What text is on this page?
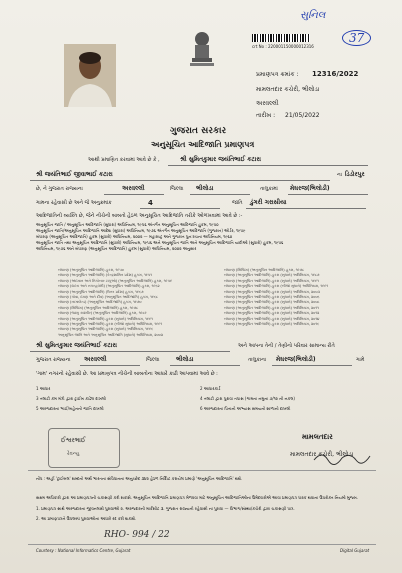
સુનિલ
37
crt No : 220001150000012316
પ્રમાણપત્ર ક્રમાંક : 12316/2022
મામલતદાર કચેરી, ભીલોડા
અરવલ્લી
તારીખ : 21/05/2022
ગુજરાત સરકાર
અનુસૂચિત આદિજાતિ પ્રમાણપત્ર
આથી પ્રમાણિત કરવામાં આવે છે કે ,	શ્રી સુમિતકુમાર જયંતિભાઈ કટારા
શ્રી જયંતિભાઈ જીવાભાઈ કટારા	ના ડિડોરપુર
છે, ને ગુજરાત રાજ્યના	અરવલ્લી	જિલ્લા ભીલોડા	તાલુકામાં મેઘરજ(ભિલોડી)
ગામના રહેવાસી છે અને જે અનુક્રમાંક	4	જાતિ ડુંગરી ગરાસીયા
આદિજાતિની વ્યક્તિ છે, જેને નીચેની બાબતો હેઠળ અનુસૂચિત આદિજાતિ તરીકે ઓળખવામાં આવે છે :-
અનુસૂચિત જાતિ / અનુસૂચિત આદિજાતિ (સુધારા) અધિનિયમ, ૧૯૫૬ અંતર્ગત અનુસૂચિત આદિજાતિ હુકમ, ૧૯૫૦
અનુસૂચિત જાતિ/અનુસૂચિત આદિજાતિ આદેશ (સુધારા) અધિનિયમ, ૧૯૭૬ અંતર્ગત અનુસૂચિત આદિજાતિ (ગુજરાત) ઓર્ડર, ૧૯૫૯
બંધારણ (અનુસૂચિત આદિજાતિ) હુકમ (સુધારો) અધિનિયમ, ૨૦૦૨ — મહારાષ્ટ્ર અને ગુજરાત પુન:રચના અધિનિયમ, ૧૯૬૦
અનુસૂચિત જાતિ તથા અનુસૂચિત આદિજાતિ (સુધારો) અધિનિયમ, ૧૯૫૬ અને અનુસૂચિત જાતિ અને અનુસૂચિત આદિજાતિ યાદીઓ (સુધારો) હુકમ, ૧૯૫૬
અધિનિયમ, ૧૯૭૬ અને બંધારણ (અનુસૂચિત આદિજાતિ) હુકમ (સુધારો) અધિનિયમ, ૨૦૦૨ અનુસાર
બંધારણ (અનુસૂચિત આદિજાતિ) હુકમ, ૧૯૫૦
બંધારણ (અનુસૂચિત આદિજાતિ) (કેન્દ્રશાસિત પ્રદેશ) હુકમ, ૧૯૫૧
બંધારણ (અંદમાન અને નિકોબાર ટાપુઓ) (અનુસૂચિત આદિજાતિ) હુકમ, ૧૯૫૯
બંધારણ (દાદરા અને નગરહવેલી) (અનુસૂચિત આદિજાતિ) હુકમ, ૧૯૬૨
બંધારણ (અનુસૂચિત આદિજાતિ) (ઉત્તર પ્રદેશ) હુકમ, ૧૯૬૭
બંધારણ (ગોવા, દમણ અને દીવ) (અનુસૂચિત આદિજાતિ) હુકમ, ૧૯૬૮
બંધારણ (નાગાલેન્ડ) (અનુસૂચિત આદિજાતિ) હુકમ, ૧૯૭૦
બંધારણ (સિક્કિમ) (અનુસૂચિત આદિજાતિ) હુકમ, ૧૯૭૮
બંધારણ (જમ્મુ કાશ્મીર) (અનુસૂચિત આદિજાતિ) હુકમ, ૧૯૮૯
બંધારણ (અનુસૂચિત આદિજાતિ) હુકમ (સુધારો) અધિનિયમ, ૧૯૯૧
બંધારણ (અનુસૂચિત આદિજાતિ) હુકમ (બીજો સુધારો) અધિનિયમ, ૧૯૯૧
બંધારણ (અનુસૂચિત આદિજાતિ) હુકમ (સુધારો) અધિનિયમ, ૧૯૯૬
અનુસૂચિત જાતિ અને અનુસૂચિત આદિજાતિ (સુધારો) અધિનિયમ, ૨૦૦૨
બંધારણ (સિક્કિમ) (અનુસૂચિત આદિજાતિ) હુકમ, ૧૯૭૮
બંધારણ (અનુસૂચિત આદિજાતિ) હુકમ (સુધારો) અધિનિયમ, ૧૯૮૭
બંધારણ (અનુસૂચિત આદિજાતિ) હુકમ (સુધારો) અધિનિયમ, ૧૯૯૧
બંધારણ (અનુસૂચિત આદિજાતિ) હુકમ (બીજો સુધારો) અધિનિયમ, ૧૯૯૧
બંધારણ (અનુસૂચિત આદિજાતિ) હુકમ (સુધારો) અધિનિયમ, ૨૦૦૩
બંધારણ (અનુસૂચિત આદિજાતિ) હુકમ (સુધારો) અધિનિયમ, ૨૦૦૬
બંધારણ (અનુસૂચિત આદિજાતિ) હુકમ (સુધારો) અધિનિયમ, ૨૦૦૮
બંધારણ (અનુસૂચિત આદિજાતિ) હુકમ (સુધારો) અધિનિયમ, ૨૦૧૧
બંધારણ (અનુસૂચિત આદિજાતિ) હુકમ (સુધારો) અધિનિયમ, ૨૦૧૨
બંધારણ (અનુસૂચિત આદિજાતિ) હુકમ (સુધારો) અધિનિયમ, ૨૦૧૪
બંધારણ (અનુસૂચિત આદિજાતિ) હુકમ (સુધારો) અધિનિયમ, ૨૦૧૬
શ્રી સુમિતકુમાર જયંતિભાઈ કટારા	અને આપના તેની / તેણીનો પરિવાર સામાન્ય રીતે
ગુજરાત રાજ્યના અરવલ્લી	જિલ્લા	ભીલોડા	તાલુકાના મેઘરજ(ભિલોડી)	ગામે
'ગામ' નગરનો રહેવાસી છે. આ પ્રમાણપત્ર નીચેની બાબતોના આધારે કાઢી આપવામાં આવે છે :
1 આધાર	2 આધારકાર્ડ
3 તલાટી કમ મંત્રી દ્વારા ટ્રાઈબ કાઢેલ દાખલો	4 તલાટી દ્વારા પુરાવા તપાસ (ગામના નમુના ૭/૧૨ ની નકલ)
5 અરજદારના ભાઈ/બહેનનો જાતિ દાખલો	6 અરજદારના પિતાનો અભ્યાસ સમયનો શાળાનો દાખલો
ઈશ્વરભાઈ
રેવન્યુ
મામલતદાર
મામલતદાર કચેરી, ભીલોડા
નોંધ : અહીં 'ટ્રાઈબલ' શબ્દનો અર્થ ભારતના સંવિધાનના અનુચ્છેદ ૩૪૨ હેઠળ નિર્દિષ્ટ કરાયેલ પ્રમાણે 'અનુસૂચિત આદિજાતિ' થશે.
સક્ષમ અધિકારી દ્વારા આ પ્રમાણપત્રની ચકાસણી કરી શકાશે. અનુસૂચિત આદિજાતિ પ્રમાણપત્ર મેળવવા માટે અનુસૂચિત આદિજાતિઓના ઉમેદવારોએ આવા પ્રમાણપત્ર ધારક થવાના ઉપરોક્ત નિયમો મુજબ.
1. પ્રમાણપત્ર સાથે અરજદારના જીવનલક્ષી પુરાવાઓ ૨. અરજદારની માર્કશીટ ૩. ગુજરાત રાજ્યની રહેવાસી ના પુરાવા — વિભાગ/સંસ્થા/કચેરી દ્વારા ચકાસણી પાત્ર.
2. આ પ્રમાણપત્રને ઉપલબ્ધ પુરાવાઓના આધારે રદ કરી શકાશે.
RHO- 994 / 22
Courtesy : National Informatics Centre, Gujarat	Digital Gujarat
